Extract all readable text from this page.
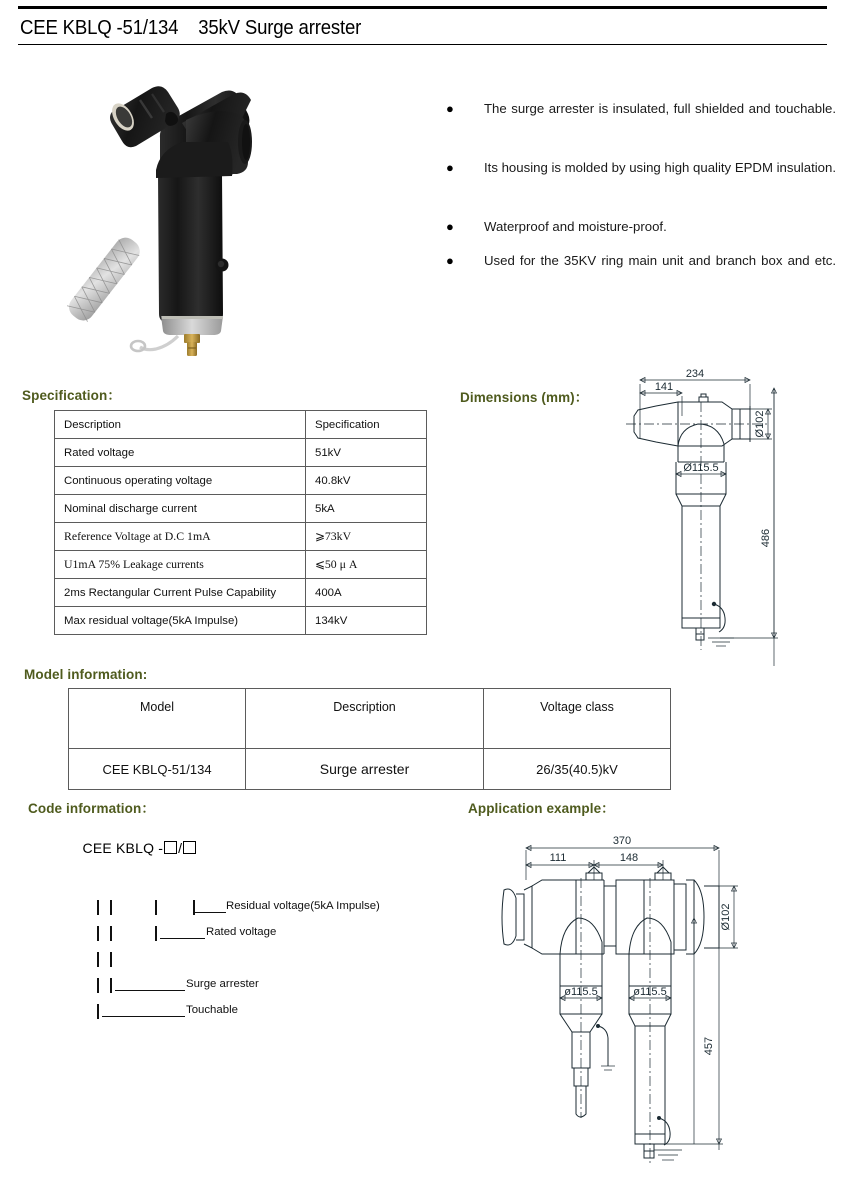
CEE KBLQ -51/134    35kV Surge arrester
●	The surge arrester is insulated, full shielded and touchable.
●	Its housing is molded by using high quality EPDM insulation.
●	Waterproof and moisture-proof.
●	Used for the 35KV ring main unit and branch box and etc.
Specification：
Description	Specification
Rated voltage	51kV
Continuous operating voltage	40.8kV
Nominal discharge current	5kA
Reference Voltage at D.C 1mA	⩾73kV
U1mA 75% Leakage currents	⩽50 μ A
2ms Rectangular Current Pulse Capability	400A
Max residual voltage(5kA Impulse)	134kV
Dimensions (mm)：
234
141
Ø102
Ø115.5
486
Model information:
Model	Description	Voltage class
CEE KBLQ-51/134	Surge arrester	26/35(40.5)kV
Code information：

CEE KBLQ - /

Residual voltage(5kA Impulse)
Rated voltage
Surge arrester
Touchable
Application example：
370
111	148
Ø102
ø115.5	ø115.5
457
